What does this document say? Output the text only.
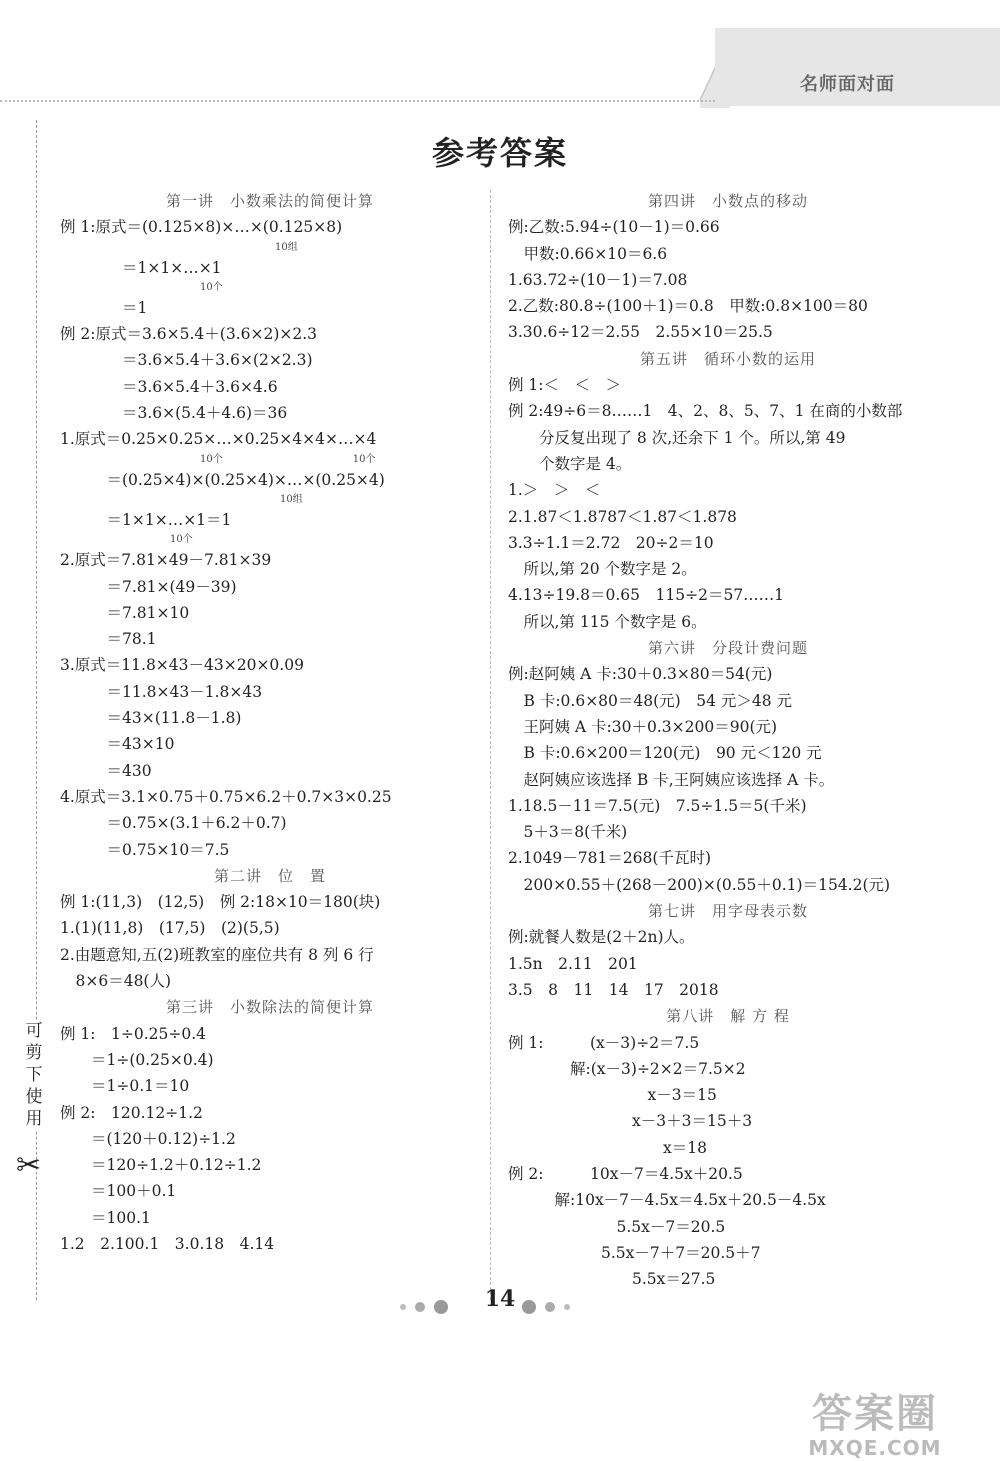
名师面对面
参考答案
可
剪
下
使
用
✂
第一讲　小数乘法的简便计算
例 1:原式＝(0.125×8)×…×(0.125×8)
10组
　　　　＝1×1×…×1
10个
　　　　＝1
例 2:原式＝3.6×5.4＋(3.6×2)×2.3
　　　　＝3.6×5.4＋3.6×(2×2.3)
　　　　＝3.6×5.4＋3.6×4.6
　　　　＝3.6×(5.4＋4.6)＝36
1.原式＝0.25×0.25×…×0.25×4×4×…×4
10个　　　　　　　　　　　　　10个
　　　＝(0.25×4)×(0.25×4)×…×(0.25×4)
10组
　　　＝1×1×…×1＝1
10个
2.原式＝7.81×49－7.81×39
　　　＝7.81×(49－39)
　　　＝7.81×10
　　　＝78.1
3.原式＝11.8×43－43×20×0.09
　　　＝11.8×43－1.8×43
　　　＝43×(11.8－1.8)
　　　＝43×10
　　　＝430
4.原式＝3.1×0.75＋0.75×6.2＋0.7×3×0.25
　　　＝0.75×(3.1＋6.2＋0.7)
　　　＝0.75×10＝7.5
第二讲　位　置
例 1:(11,3)　(12,5)　例 2:18×10＝180(块)
1.(1)(11,8)　(17,5)　(2)(5,5)
2.由题意知,五(2)班教室的座位共有 8 列 6 行
　8×6＝48(人)
第三讲　小数除法的简便计算
例 1:　1÷0.25÷0.4
　　＝1÷(0.25×0.4)
　　＝1÷0.1＝10
例 2:　120.12÷1.2
　　＝(120＋0.12)÷1.2
　　＝120÷1.2＋0.12÷1.2
　　＝100＋0.1
　　＝100.1
1.2　2.100.1　3.0.18　4.14
第四讲　小数点的移动
例:乙数:5.94÷(10－1)＝0.66
　甲数:0.66×10＝6.6
1.63.72÷(10－1)＝7.08
2.乙数:80.8÷(100＋1)＝0.8　甲数:0.8×100＝80
3.30.6÷12＝2.55　2.55×10＝25.5
第五讲　循环小数的运用
例 1:＜　＜　＞
例 2:49÷6＝8……1　4、2、8、5、7、1 在商的小数部
　　分反复出现了 8 次,还余下 1 个。所以,第 49
　　个数字是 4。
1.＞　＞　＜
2.1.87＜1.8787＜1.87＜1.878
3.3÷1.1＝2.72　20÷2＝10
　所以,第 20 个数字是 2。
4.13÷19.8＝0.65　115÷2＝57……1
　所以,第 115 个数字是 6。
第六讲　分段计费问题
例:赵阿姨 A 卡:30＋0.3×80＝54(元)
　B 卡:0.6×80＝48(元)　54 元＞48 元
　王阿姨 A 卡:30＋0.3×200＝90(元)
　B 卡:0.6×200＝120(元)　90 元＜120 元
　赵阿姨应该选择 B 卡,王阿姨应该选择 A 卡。
1.18.5－11＝7.5(元)　7.5÷1.5＝5(千米)
　5＋3＝8(千米)
2.1049－781＝268(千瓦时)
　200×0.55＋(268－200)×(0.55＋0.1)＝154.2(元)
第七讲　用字母表示数
例:就餐人数是(2＋2n)人。
1.5n　2.11　201
3.5　8　11　14　17　2018
第八讲　解 方 程
例 1:　　　(x－3)÷2＝7.5
　　　　解:(x－3)÷2×2＝7.5×2
　　　　　　　　　x－3＝15
　　　　　　　　x－3＋3＝15＋3
　　　　　　　　　　x＝18
例 2:　　　10x－7＝4.5x＋20.5
　　　解:10x－7－4.5x＝4.5x＋20.5－4.5x
　　　　　　　5.5x－7＝20.5
　　　　　　5.5x－7＋7＝20.5＋7
　　　　　　　　5.5x＝27.5

14

答案圈
MXQE.COM
